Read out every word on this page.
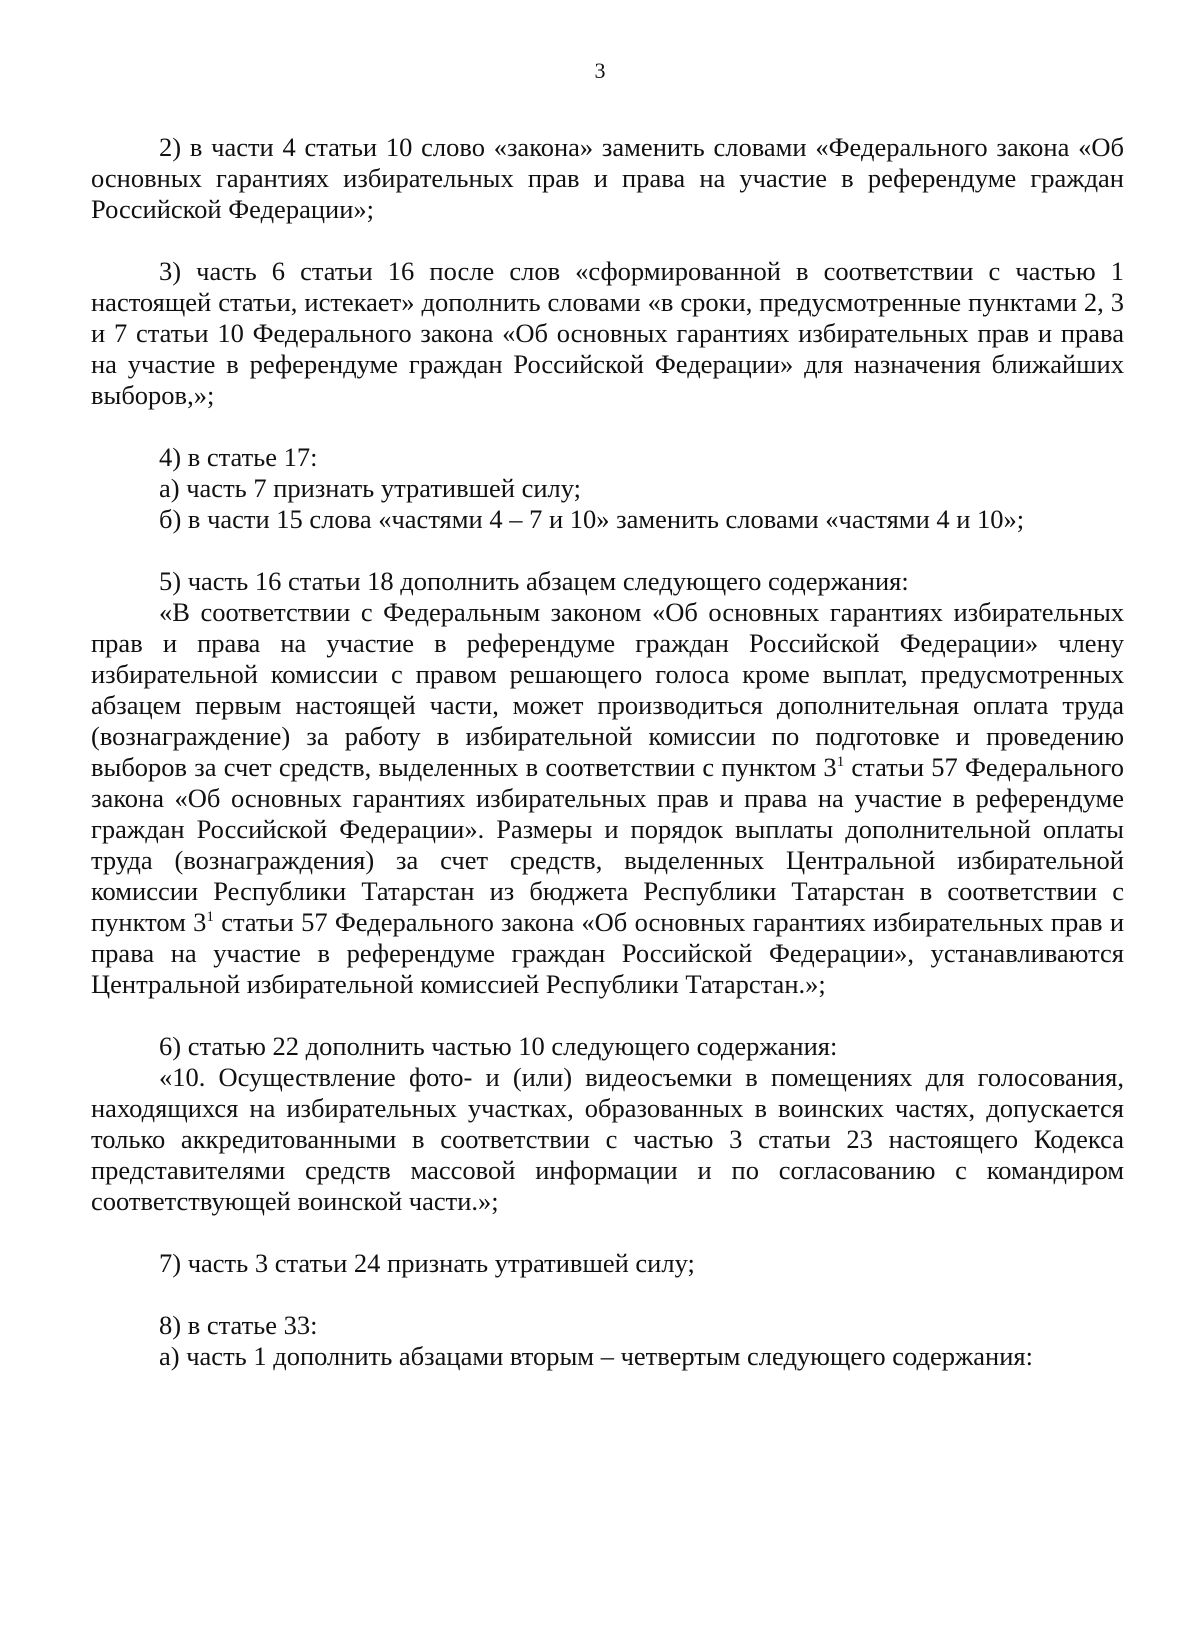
3

2) в части 4 статьи 10 слово «закона» заменить словами «Федерального закона «Об основных гарантиях избирательных прав и права на участие в референдуме граждан Российской Федерации»;

3) часть 6 статьи 16 после слов «сформированной в соответствии с частью 1 настоящей статьи, истекает» дополнить словами «в сроки, предусмотренные пунктами 2, 3 и 7 статьи 10 Федерального закона «Об основных гарантиях избирательных прав и права на участие в референдуме граждан Российской Федерации» для назначения ближайших выборов,»;

4) в статье 17:

а) часть 7 признать утратившей силу;

б) в части 15 слова «частями 4 – 7 и 10» заменить словами «частями 4 и 10»;

5) часть 16 статьи 18 дополнить абзацем следующего содержания:

«В соответствии с Федеральным законом «Об основных гарантиях избирательных прав и права на участие в референдуме граждан Российской Федерации» члену избирательной комиссии с правом решающего голоса кроме выплат, предусмотренных абзацем первым настоящей части, может производиться дополнительная оплата труда (вознаграждение) за работу в избирательной комиссии по подготовке и проведению выборов за счет средств, выделенных в соответствии с пунктом $3^1$ статьи 57 Федерального закона «Об основных гарантиях избирательных прав и права на участие в референдуме граждан Российской Федерации». Размеры и порядок выплаты дополнительной оплаты труда (вознаграждения) за счет средств, выделенных Центральной избирательной комиссии Республики Татарстан из бюджета Республики Татарстан в соответствии с пунктом $3^1$ статьи 57 Федерального закона «Об основных гарантиях избирательных прав и права на участие в референдуме граждан Российской Федерации», устанавливаются Центральной избирательной комиссией Республики Татарстан.»;

6) статью 22 дополнить частью 10 следующего содержания:

«10. Осуществление фото- и (или) видеосъемки в помещениях для голосования, находящихся на избирательных участках, образованных в воинских частях, допускается только аккредитованными в соответствии с частью 3 статьи 23 настоящего Кодекса представителями средств массовой информации и по согласованию с командиром соответствующей воинской части.»;

7) часть 3 статьи 24 признать утратившей силу;

8) в статье 33:

а) часть 1 дополнить абзацами вторым – четвертым следующего содержания:
